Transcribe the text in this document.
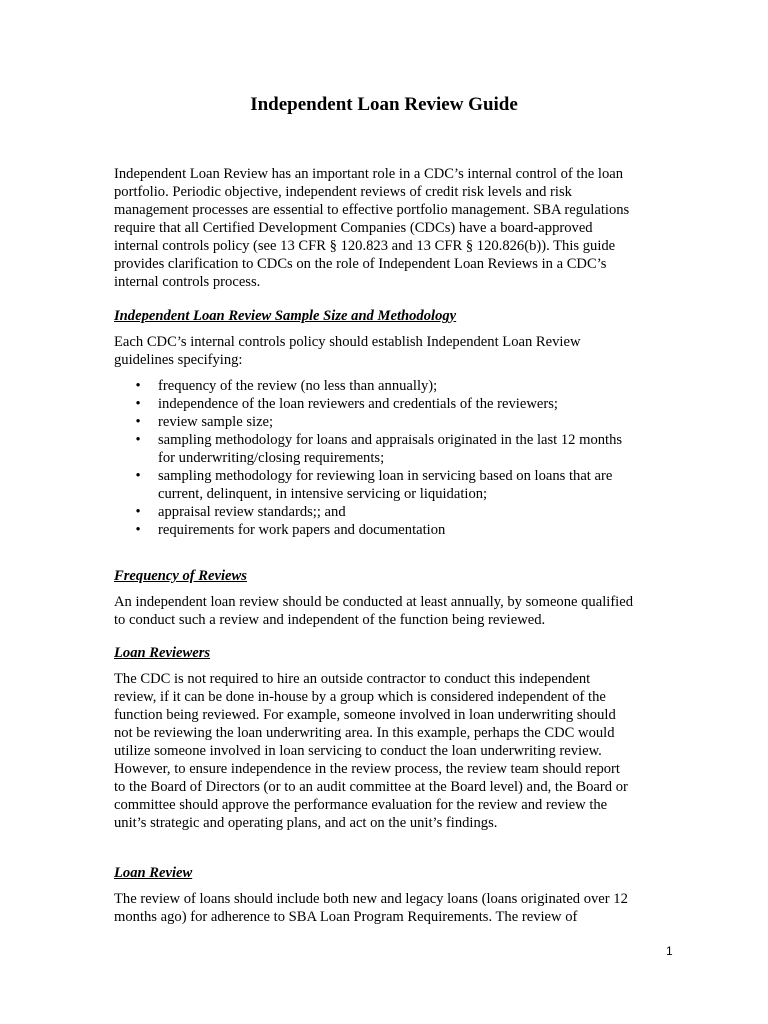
Independent Loan Review Guide

Independent Loan Review has an important role in a CDC’s internal control of the loan portfolio. Periodic objective, independent reviews of credit risk levels and risk management processes are essential to effective portfolio management. SBA regulations require that all Certified Development Companies (CDCs) have a board-approved internal controls policy (see 13 CFR § 120.823 and 13 CFR § 120.826(b)). This guide provides clarification to CDCs on the role of Independent Loan Reviews in a CDC’s internal controls process.

Independent Loan Review Sample Size and Methodology

Each CDC’s internal controls policy should establish Independent Loan Review guidelines specifying:

• frequency of the review (no less than annually);
• independence of the loan reviewers and credentials of the reviewers;
• review sample size;
• sampling methodology for loans and appraisals originated in the last 12 months for underwriting/closing requirements;
• sampling methodology for reviewing loan in servicing based on loans that are current, delinquent, in intensive servicing or liquidation;
• appraisal review standards;; and
• requirements for work papers and documentation
Frequency of Reviews

An independent loan review should be conducted at least annually, by someone qualified to conduct such a review and independent of the function being reviewed.

Loan Reviewers

The CDC is not required to hire an outside contractor to conduct this independent review, if it can be done in-house by a group which is considered independent of the function being reviewed. For example, someone involved in loan underwriting should not be reviewing the loan underwriting area. In this example, perhaps the CDC would utilize someone involved in loan servicing to conduct the loan underwriting review. However, to ensure independence in the review process, the review team should report to the Board of Directors (or to an audit committee at the Board level) and, the Board or committee should approve the performance evaluation for the review and review the unit’s strategic and operating plans, and act on the unit’s findings.

Loan Review

The review of loans should include both new and legacy loans (loans originated over 12 months ago) for adherence to SBA Loan Program Requirements. The review of

1
